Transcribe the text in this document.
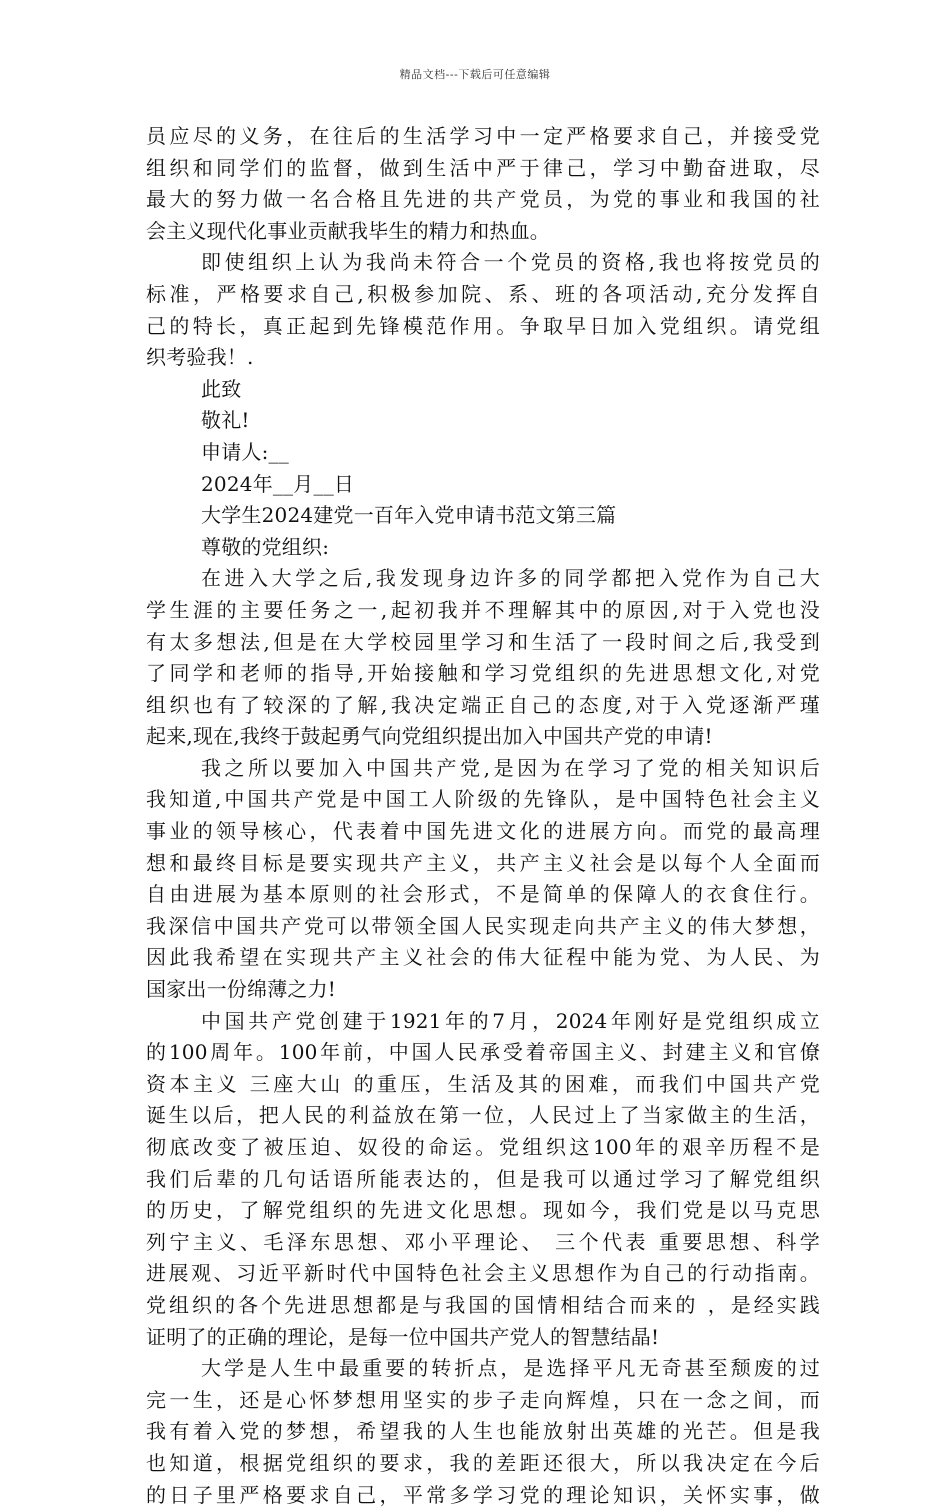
精品文档---下载后可任意编辑
员应尽的义务，在往后的生活学习中一定严格要求自己，并接受党
组织和同学们的监督，做到生活中严于律己，学习中勤奋进取，尽
最大的努力做一名合格且先进的共产党员，为党的事业和我国的社
会主义现代化事业贡献我毕生的精力和热血。
即使组织上认为我尚未符合一个党员的资格,我也将按党员的
标准，严格要求自己,积极参加院、系、班的各项活动,充分发挥自
己的特长，真正起到先锋模范作用。争取早日加入党组织。请党组
织考验我！.
此致
敬礼!
申请人:__
2024年__月__日
大学生2024建党一百年入党申请书范文第三篇
尊敬的党组织:
在进入大学之后,我发现身边许多的同学都把入党作为自己大
学生涯的主要任务之一,起初我并不理解其中的原因,对于入党也没
有太多想法,但是在大学校园里学习和生活了一段时间之后,我受到
了同学和老师的指导,开始接触和学习党组织的先进思想文化,对党
组织也有了较深的了解,我决定端正自己的态度,对于入党逐渐严瑾
起来,现在,我终于鼓起勇气向党组织提出加入中国共产党的申请!
我之所以要加入中国共产党,是因为在学习了党的相关知识后
我知道,中国共产党是中国工人阶级的先锋队，是中国特色社会主义
事业的领导核心，代表着中国先进文化的进展方向。而党的最高理
想和最终目标是要实现共产主义，共产主义社会是以每个人全面而
自由进展为基本原则的社会形式，不是简单的保障人的衣食住行。
我深信中国共产党可以带领全国人民实现走向共产主义的伟大梦想，
因此我希望在实现共产主义社会的伟大征程中能为党、为人民、为
国家出一份绵薄之力!
中国共产党创建于1921年的7月，2024年刚好是党组织成立
的100周年。100年前，中国人民承受着帝国主义、封建主义和官僚
资本主义 三座大山 的重压，生活及其的困难，而我们中国共产党
诞生以后，把人民的利益放在第一位，人民过上了当家做主的生活，
彻底改变了被压迫、奴役的命运。党组织这100年的艰辛历程不是
我们后辈的几句话语所能表达的，但是我可以通过学习了解党组织
的历史，了解党组织的先进文化思想。现如今，我们党是以马克思
列宁主义、毛泽东思想、邓小平理论、 三个代表 重要思想、科学
进展观、习近平新时代中国特色社会主义思想作为自己的行动指南。
党组织的各个先进思想都是与我国的国情相结合而来的 ，是经实践
证明了的正确的理论，是每一位中国共产党人的智慧结晶!
大学是人生中最重要的转折点，是选择平凡无奇甚至颓废的过
完一生，还是心怀梦想用坚实的步子走向辉煌，只在一念之间，而
我有着入党的梦想，希望我的人生也能放射出英雄的光芒。但是我
也知道，根据党组织的要求，我的差距还很大，所以我决定在今后
的日子里严格要求自己，平常多学习党的理论知识，关怀实事，做
